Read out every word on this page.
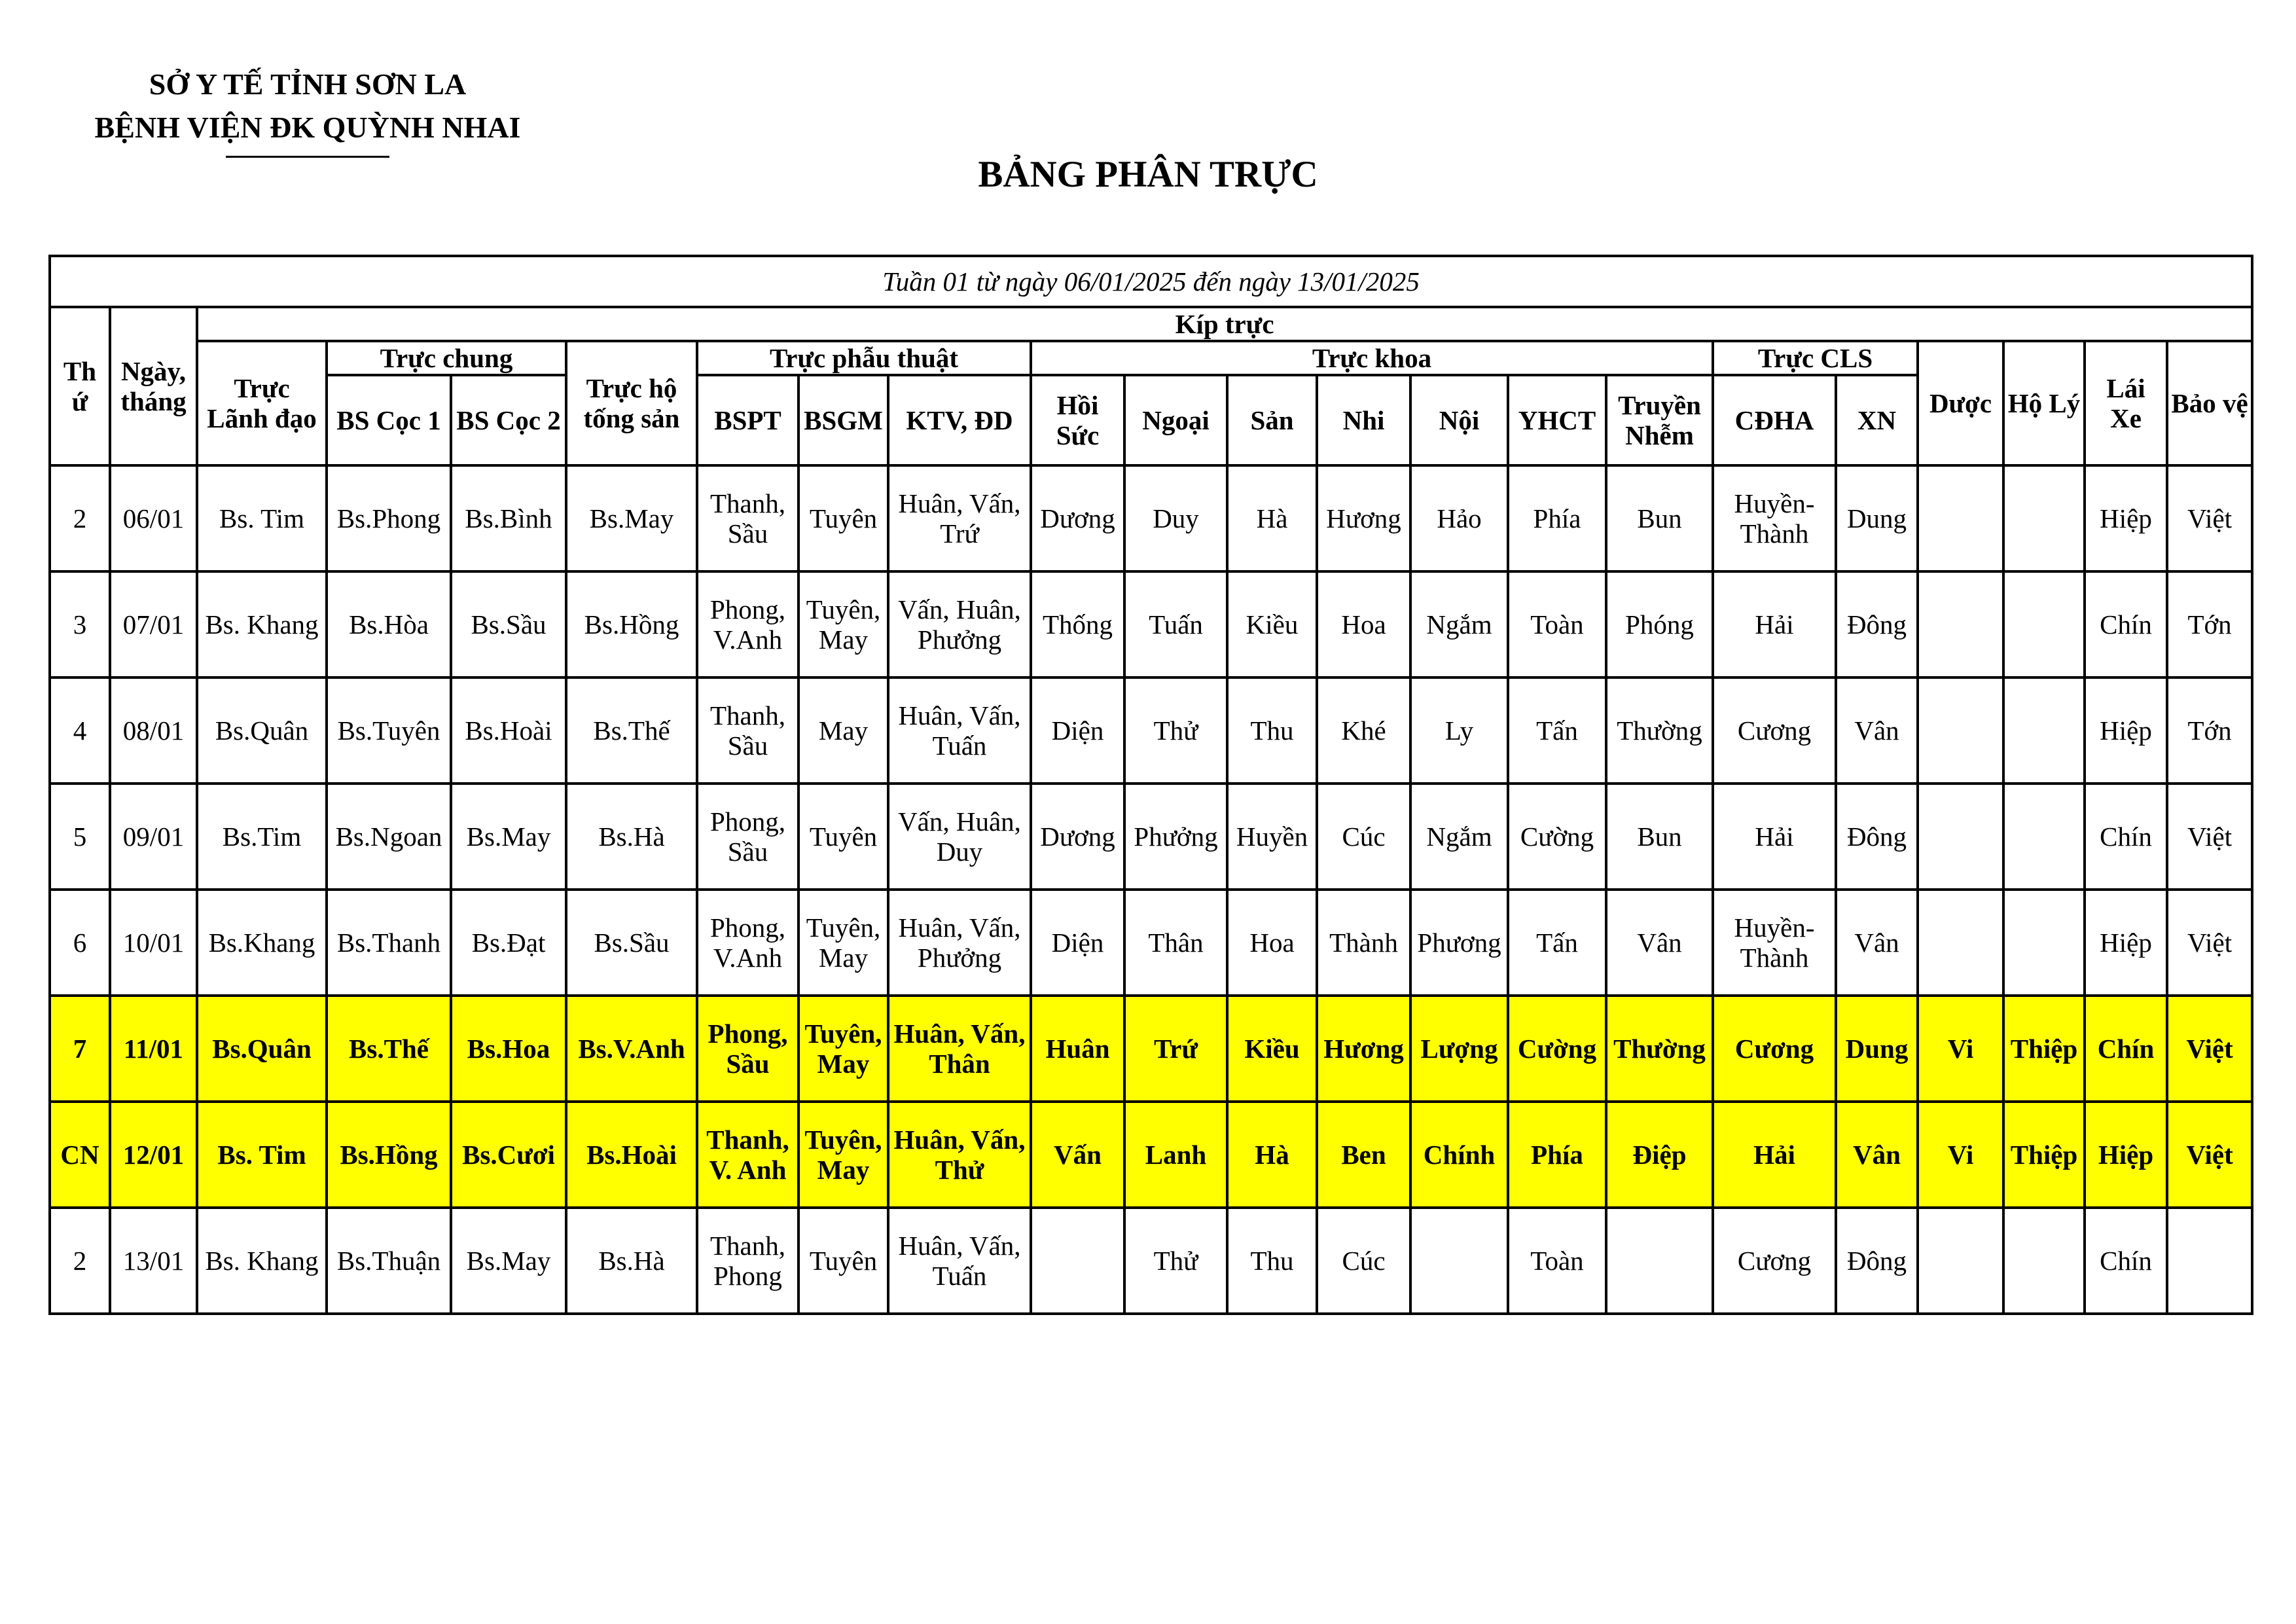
SỞ Y TẾ TỈNH SƠN LA
BỆNH VIỆN ĐK QUỲNH NHAI
BẢNG PHÂN TRỰC
Tuần 01 từ ngày 06/01/2025 đến ngày 13/01/2025																					
Th ứ	Ngày, tháng	Kíp trực																			
		Trực Lãnh đạo	Trực chung		Trực hộ tống sản	Trực phẫu thuật			Trực khoa							Trực CLS		Dược	Hộ Lý	Lái Xe	Bảo vệ
			BS Cọc 1	BS Cọc 2		BSPT	BSGM	KTV, ĐD	Hồi Sức	Ngoại	Sản	Nhi	Nội	YHCT	Truyền Nhễm	CĐHA	XN				
2	06/01	Bs. Tim	Bs.Phong	Bs.Bình	Bs.May	Thanh, Sầu	Tuyên	Huân, Vấn, Trứ	Dương	Duy	Hà	Hương	Hảo	Phía	Bun	Huyền- Thành	Dung			Hiệp	Việt
3	07/01	Bs. Khang	Bs.Hòa	Bs.Sầu	Bs.Hồng	Phong, V.Anh	Tuyên, May	Vấn, Huân, Phưởng	Thống	Tuấn	Kiều	Hoa	Ngắm	Toàn	Phóng	Hải	Đông			Chín	Tớn
4	08/01	Bs.Quân	Bs.Tuyên	Bs.Hoài	Bs.Thế	Thanh, Sầu	May	Huân, Vấn, Tuấn	Diện	Thử	Thu	Khé	Ly	Tấn	Thường	Cương	Vân			Hiệp	Tớn
5	09/01	Bs.Tim	Bs.Ngoan	Bs.May	Bs.Hà	Phong, Sầu	Tuyên	Vấn, Huân, Duy	Dương	Phưởng	Huyền	Cúc	Ngắm	Cường	Bun	Hải	Đông			Chín	Việt
6	10/01	Bs.Khang	Bs.Thanh	Bs.Đạt	Bs.Sầu	Phong, V.Anh	Tuyên, May	Huân, Vấn, Phưởng	Diện	Thân	Hoa	Thành	Phương	Tấn	Vân	Huyền- Thành	Vân			Hiệp	Việt
7	11/01	Bs.Quân	Bs.Thế	Bs.Hoa	Bs.V.Anh	Phong, Sầu	Tuyên, May	Huân, Vấn, Thân	Huân	Trứ	Kiều	Hương	Lượng	Cường	Thường	Cương	Dung	Vi	Thiệp	Chín	Việt
CN	12/01	Bs. Tim	Bs.Hồng	Bs.Cươi	Bs.Hoài	Thanh, V. Anh	Tuyên, May	Huân, Vấn, Thử	Vấn	Lanh	Hà	Ben	Chính	Phía	Điệp	Hải	Vân	Vi	Thiệp	Hiệp	Việt
2	13/01	Bs. Khang	Bs.Thuận	Bs.May	Bs.Hà	Thanh, Phong	Tuyên	Huân, Vấn, Tuấn		Thử	Thu	Cúc		Toàn		Cương	Đông			Chín	
